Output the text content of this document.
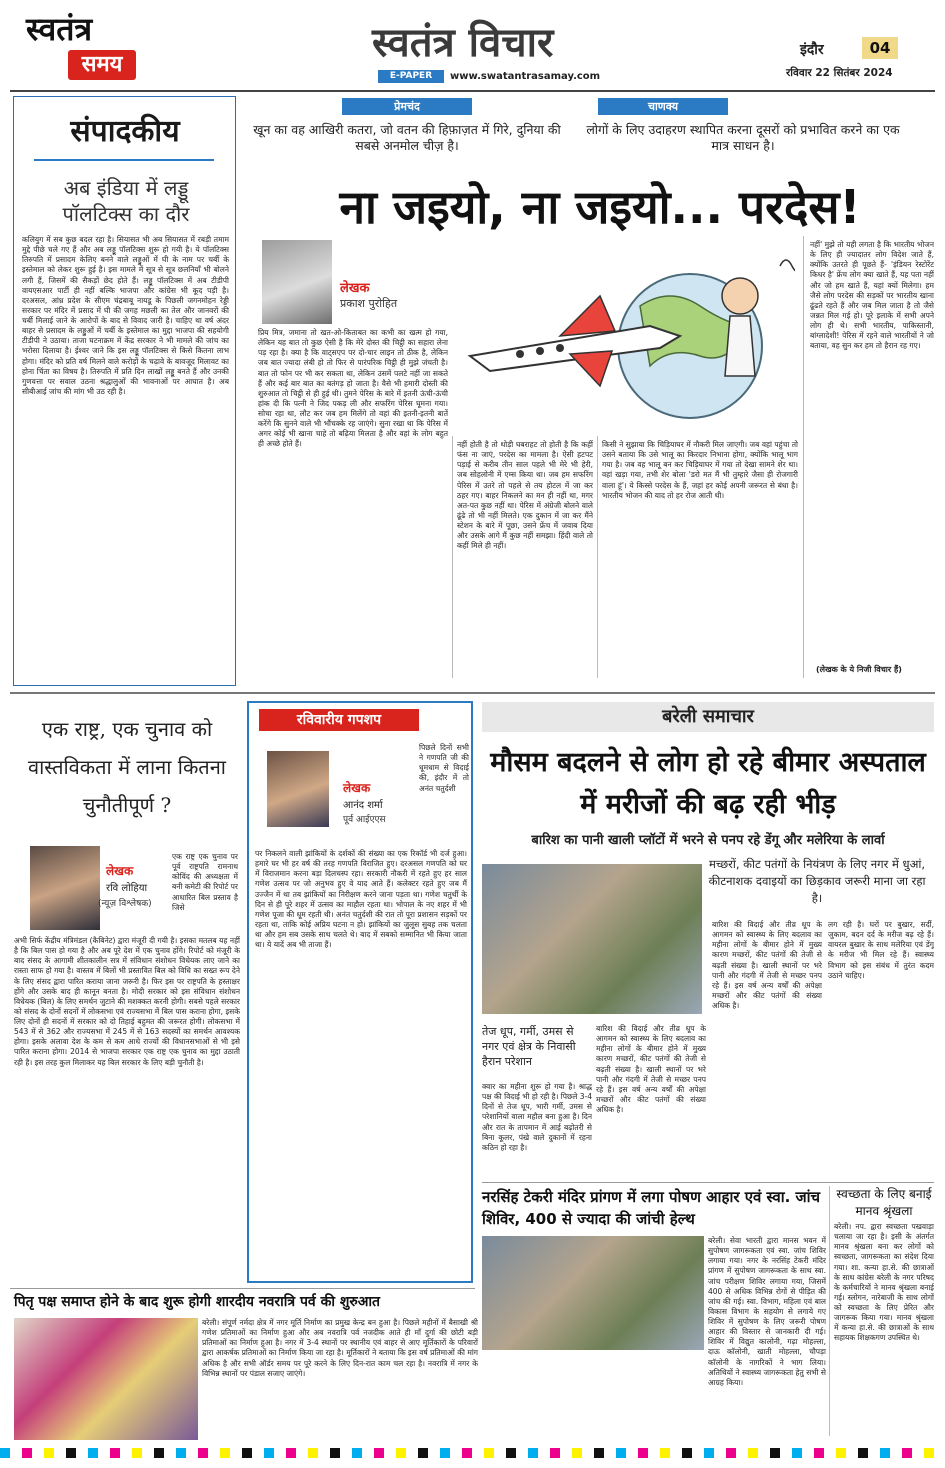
स्वतंत्र
समय	स्वतंत्र विचार
E-PAPER	www.swatantrasamay.com
इंदौर	04
रविवार 22 सितंबर 2024
संपादकीय
अब इंडिया में लड्डू पॉलटिक्स का दौर
कलियुग में सब कुछ बदल रहा है। सियासत भी अब सियासत में रबड़ी तमाम मुद्दे पीछे चले गए हैं और अब लड्डू पॉलटिक्स शुरू हो गयी है। ये पॉलटिक्स तिरुपति में प्रसादम केलिए बनने वाले लड्डुओं में घी के नाम पर चर्बी के इस्तेमाल को लेकर शुरू हुई है। इस मामले में सूत्र से सूत्र छलनियाँ भी बोलने लगी हैं, जिसमें की सैकड़ों छेद होते हैं। लड्डू पॉलटिक्स में अब टीडीपी वायएसआर पार्टी ही नहीं बल्कि भाजपा और कांग्रेस भी कूद पड़ी है। दरअसल, आंध्र प्रदेश के सीएम चंद्रबाबू नायडू के पिछली जगनमोहन रेड्डी सरकार पर मंदिर में प्रसाद में घी की जगह मछली का तेल और जानवरों की चर्बी मिलाई जाने के आरोपों के बाद से विवाद जारी है। चाहिए था वर्ष अंदर बाहर से प्रसादम के लड्डुओं में चर्बी के इस्तेमाल का मुद्दा भाजपा की सहयोगी टीडीपी ने उठाया। ताजा घटनाक्रम में केंद्र सरकार ने भी मामले की जांच का भरोसा दिलाया है। ईश्वर जाने कि इस लड्डू पॉलटिक्स से किसे कितना लाभ होगा। मंदिर को प्रति वर्ष मिलने वाले करोड़ों के चढ़ावे के बावजूद मिलावट का होना चिंता का विषय है। तिरुपति में प्रति दिन लाखों लड्डू बनते हैं और उनकी गुणवत्ता पर सवाल उठना श्रद्धालुओं की भावनाओं पर आघात है। अब सीबीआई जांच की मांग भी उठ रही है।
प्रेमचंद
खून का वह आखिरी कतरा, जो वतन की हिफ़ाज़त में गिरे, दुनिया की सबसे अनमोल चीज़ है।
चाणक्य
लोगों के लिए उदाहरण स्थापित करना दूसरों को प्रभावित करने का एक मात्र साधन है।
ना जइयो, ना जइयो... परदेस!
लेखक
प्रकाश पुरोहित
प्रिय मित्र, जमाना तो खत-ओ-किताबत का कभी का खत्म हो गया, लेकिन यह बात तो कुछ ऐसी है कि मेरे दोस्त की चिट्ठी का सहारा लेना पड़ रहा है। क्या है कि वाट्सएप पर दो-चार लाइन तो ठीक है, लेकिन जब बात ज्यादा लंबी हो तो फिर से पारंपरिक चिट्ठी ही मुझे जंचती है। बात तो फोन पर भी कर सकता था, लेकिन उसमें पलटे नहीं जा सकते हैं और कई बार बात का बतंगड़ हो जाता है। वैसे भी हमारी दोस्ती की शुरुआत तो चिट्ठी से ही हुई थी। तुमने पेरिस के बारे में इतनी ऊंची-ऊंची हांक दी कि पत्नी ने जिद पकड़ ली और सफरिंग पेरिस घूमना गया। सोचा रहा था, लौट कर जब हम मिलेंगे तो वहां की इतनी-इतनी बातें करेंगे कि सुनने वाले भी भौंचक्के रह जाएंगे। सुना रखा था कि पेरिस में अगर कोई भी खाना चाहे तो बढ़िया मिलता है और वहां के लोग बहुत ही अच्छे होते हैं।	नहीं होती है तो थोड़ी घबराहट तो होती है कि कहीं फंस ना जाएं, परदेस का मामला है। ऐसी हटपट पड़ाई से करीब तीन साल पहले भी मेरे भी हेरी, जब सोहलोनी में एम्स किया था। जब हम सफरिंग पेरिस में उतरे तो पहले से तय होटल में जा कर ठहर गए। बाहर निकलने का मन ही नहीं था, मगर अत-पत कुछ नहीं था। पेरिस में अंग्रेजी बोलने वाले ढूंढे तो भी नहीं मिलते। एक दुकान में जा कर मैंने स्टेशन के बारे में पूछा, उसने फ्रेंच में जवाब दिया और उसके आगे मैं कुछ नहीं समझा। हिंदी वाले तो कहीं मिले ही नहीं।
किसी ने सुझाया कि चिड़ियाघर में नौकरी मिल जाएगी। जब वहां पहुंचा तो उसने बताया कि उसे भालू का किरदार निभाना होगा, क्योंकि भालू भाग गया है। जब वह भालू बन कर चिड़ियाघर में गया तो देखा सामने शेर था। वहां खड़ा गया, तभी शेर बोला 'डरो मत मैं भी तुम्हारे जैसा ही रोजगारी वाला हूं'। ये किस्से परदेस के हैं, जहां हर कोई अपनी जरूरत से बंधा है। भारतीय भोजन की याद तो हर रोज आती थी।
नहीं' मुझे तो यही लगता है कि भारतीय भोजन के लिए ही ज्यादातर लोग विदेश जाते हैं, क्योंकि उतरते ही पूछते हैं- 'इंडियन रेस्टोरेंट किधर है' फ्रेंच लोग क्या खाते हैं, यह पता नहीं और जो हम खाते हैं, यहां क्यों मिलेगा। हम जैसे लोग परदेस की सड़कों पर भारतीय खाना ढूंढते रहते हैं और जब मिल जाता है तो जैसे जन्नत मिल गई हो। पूरे इलाके में सभी अपने लोग ही थे। सभी भारतीय, पाकिस्तानी, बांग्लादेशी! पेरिस में रहने वाले भारतीयों ने जो बताया, वह सुन कर हम तो हैरान रह गए।
(लेखक के ये निजी विचार हैं)
एक राष्ट्र, एक चुनाव को वास्तविकता में लाना कितना चुनौतीपूर्ण ?
लेखक
रवि लोहिया
(न्यूज़ विश्लेषक)
एक राष्ट्र एक चुनाव पर पूर्व राष्ट्रपति रामनाथ कोविंद की अध्यक्षता में बनी कमेटी की रिपोर्ट पर आधारित बिल प्रस्ताव है जिसे
अभी सिर्फ केंद्रीय मंत्रिमंडल (कैबिनेट) द्वारा मंजूरी दी गयी है। इसका मतलब यह नहीं है कि बिल पास हो गया है और अब पूरे देश में एक चुनाव होंगे। रिपोर्ट को मंजूरी के बाद संसद के आगामी शीतकालीन सत्र में संविधान संशोधन विधेयक लाए जाने का रास्ता साफ हो गया है। वास्तव में बिलों भी प्रस्तावित बिल को विधि का सख्त रूप देने के लिए संसद द्वारा पारित कराया जाना जरूरी है। फिर इस पर राष्ट्रपति के हस्ताक्षर होंगे और उसके बाद ही कानून बनता है। मोदी सरकार को इस संविधान संशोधन विधेयक (बिल) के लिए समर्थन जुटाने की मशक्कत करनी होगी। सबसे पहले सरकार को संसद के दोनों सदनों में लोकसभा एवं राज्यसभा में बिल पास कराना होगा, इसके लिए दोनों ही सदनों में सरकार को दो तिहाई बहुमत की जरूरत होगी। लोकसभा में 543 में से 362 और राज्यसभा में 245 में से 163 सदस्यों का समर्थन आवश्यक होगा। इसके अलावा देश के कम से कम आधे राज्यों की विधानसभाओं से भी इसे पारित कराना होगा। 2014 से भाजपा सरकार एक राष्ट्र एक चुनाव का मुद्दा उठाती रही है। इस तरह कुल मिलाकर यह बिल सरकार के लिए बड़ी चुनौती है।
रविवारीय गपशप
लेखक
आनंद शर्मा
पूर्व आईएएस
पिछले दिनों सभी ने गणपति जी की धूमधाम से विदाई की, इंदौर में तो अनंत चतुर्दशी
पर निकलने वाली झांकियों के दर्शकों की संख्या का एक रिकॉर्ड भी दर्ज हुआ। हमारे घर भी हर वर्ष की तरह गणपति विराजित हुए। दरअसल गणपति को घर में विराजमान करना बड़ा दिलचस्प रहा। सरकारी नौकरी में रहते हुए हर साल गणेश उत्सव पर जो अनुभव हुए वे याद आते हैं। कलेक्टर रहते हुए जब मैं उज्जैन में था तब झांकियों का निरीक्षण करने जाना पड़ता था। गणेश चतुर्थी के दिन से ही पूरे शहर में उत्सव का माहौल रहता था। भोपाल के नए शहर में भी गणेश पूजा की धूम रहती थी। अनंत चतुर्दशी की रात तो पूरा प्रशासन सड़कों पर रहता था, ताकि कोई अप्रिय घटना न हो। झांकियों का जुलूस सुबह तक चलता था और हम सब उसके साथ चलते थे। बाद में सबको सम्मानित भी किया जाता था। ये यादें अब भी ताजा हैं।
बरेली समाचार
मौसम बदलने से लोग हो रहे बीमार अस्पताल में मरीजों की बढ़ रही भीड़
बारिश का पानी खाली प्लॉटों में भरने से पनप रहे डेंगू और मलेरिया के लार्वा
मच्छरों, कीट पतंगों के नियंत्रण के लिए नगर में धुआं, कीटनाशक दवाइयों का छिड़काव जरूरी माना जा रहा है।
तेज धूप, गर्मी, उमस से नगर एवं क्षेत्र के निवासी हैरान परेशान
क्वार का महीना शुरू हो गया है। श्राद्ध पक्ष की विदाई भी हो रही है। पिछले 3-4 दिनों से तेज धूप, भारी गर्मी, उमस से परेशानियों वाला महौल बना हुआ है। दिन और रात के तापमान में आई बढ़ोतरी से बिना कूलर, पंखे वाले दुकानों में रहना कठिन हो रहा है।
बारिश की विदाई और तीव्र धूप के आगमन को स्वास्थ्य के लिए बदलाव का महीना लोगों के बीमार होने में मुख्य कारण मच्छरों, कीट पतंगों की तेजी से बढ़ती संख्या है। खाली स्थानों पर भरे पानी और गंदगी में तेजी से मच्छर पनप रहे हैं। इस वर्ष अन्य वर्षों की अपेक्षा मच्छरों और कीट पतंगों की संख्या अधिक है।
बारिश की विदाई और तीव्र धूप के आगमन को स्वास्थ्य के लिए बदलाव का महीना लोगों के बीमार होने में मुख्य कारण मच्छरों, कीट पतंगों की तेजी से बढ़ती संख्या है। खाली स्थानों पर भरे पानी और गंदगी में तेजी से मच्छर पनप रहे हैं। इस वर्ष अन्य वर्षों की अपेक्षा मच्छरों और कीट पतंगों की संख्या अधिक है।
लग रही है। घरों पर बुखार, सर्दी, जुकाम, बदन दर्द के मरीज बढ़ रहे हैं। वायरल बुखार के साथ मलेरिया एवं डेंगू के मरीज भी मिल रहे हैं। स्वास्थ्य विभाग को इस संबंध में तुरंत कदम उठाने चाहिए।
नरसिंह टेकरी मंदिर प्रांगण में लगा पोषण आहार एवं स्वा. जांच शिविर, 400 से ज्यादा की जांची हेल्थ
बरेली। सेवा भारती द्वारा मानस भवन में सुपोषण जागरूकता एवं स्वा. जांच शिविर लगाया गया। नगर के नरसिंह टेकरी मंदिर प्रांगण में सुपोषण जागरूकता के साथ स्वा. जांच परीक्षण शिविर लगाया गया, जिसमें 400 से अधिक विभिन्न रोगों से पीड़ित की जांच की गई। स्वा. विभाग, महिला एवं बाल विकास विभाग के सहयोग से लगाये गए शिविर में सुपोषण के लिए जरूरी पोषण आहार की विस्तार से जानकारी दी गई। शिविर में विद्युत कालोनी, गढ़ा मोहल्ला, दाऊ कॉलोनी, खाती मोहल्ला, चौपड़ा कॉलोनी के नागरिकों ने भाग लिया। अतिथियों ने स्वास्थ्य जागरूकता हेतु सभी से आग्रह किया।
स्वच्छता के लिए बनाई मानव श्रृंखला
बरेली। नप. द्वारा स्वच्छता पखवाड़ा चलाया जा रहा है। इसी के अंतर्गत मानव श्रृंखला बना कर लोगों को स्वच्छता, जागरूकता का संदेश दिया गया। शा. कन्या हा.से. की छात्राओं के साथ कांग्रेस बरेली के नगर परिषद के कर्मचारियों ने मानव श्रृंखला बनाई गई। स्लोगन, नारेबाजी के साथ लोगों को स्वच्छता के लिए प्रेरित और जागरूक किया गया। मानव श्रृंखला में कन्या हा.से. की छात्राओं के साथ सहायक शिक्षकगण उपस्थित थे।
पितृ पक्ष समाप्त होने के बाद शुरू होगी शारदीय नवरात्रि पर्व की शुरुआत
बरेली। संपूर्ण नर्मदा क्षेत्र में नगर मूर्ति निर्माण का प्रमुख केन्द्र बन हुआ है। पिछले महीनों में बैसाखी श्री गणेश प्रतिमाओं का निर्माण हुआ और अब नवरात्रि पर्व नजदीक आते ही माँ दुर्गा की छोटी बड़ी प्रतिमाओं का निर्माण हुआ है। नगर में 3-4 स्थानों पर स्थानीय एवं बाहर से आए मूर्तिकारों के परिवारों द्वारा आकर्षक प्रतिमाओं का निर्माण किया जा रहा है। मूर्तिकारों ने बताया कि इस वर्ष प्रतिमाओं की मांग अधिक है और सभी ऑर्डर समय पर पूरे करने के लिए दिन-रात काम चल रहा है। नवरात्रि में नगर के विभिन्न स्थानों पर पंडाल सजाए जाएंगे।
